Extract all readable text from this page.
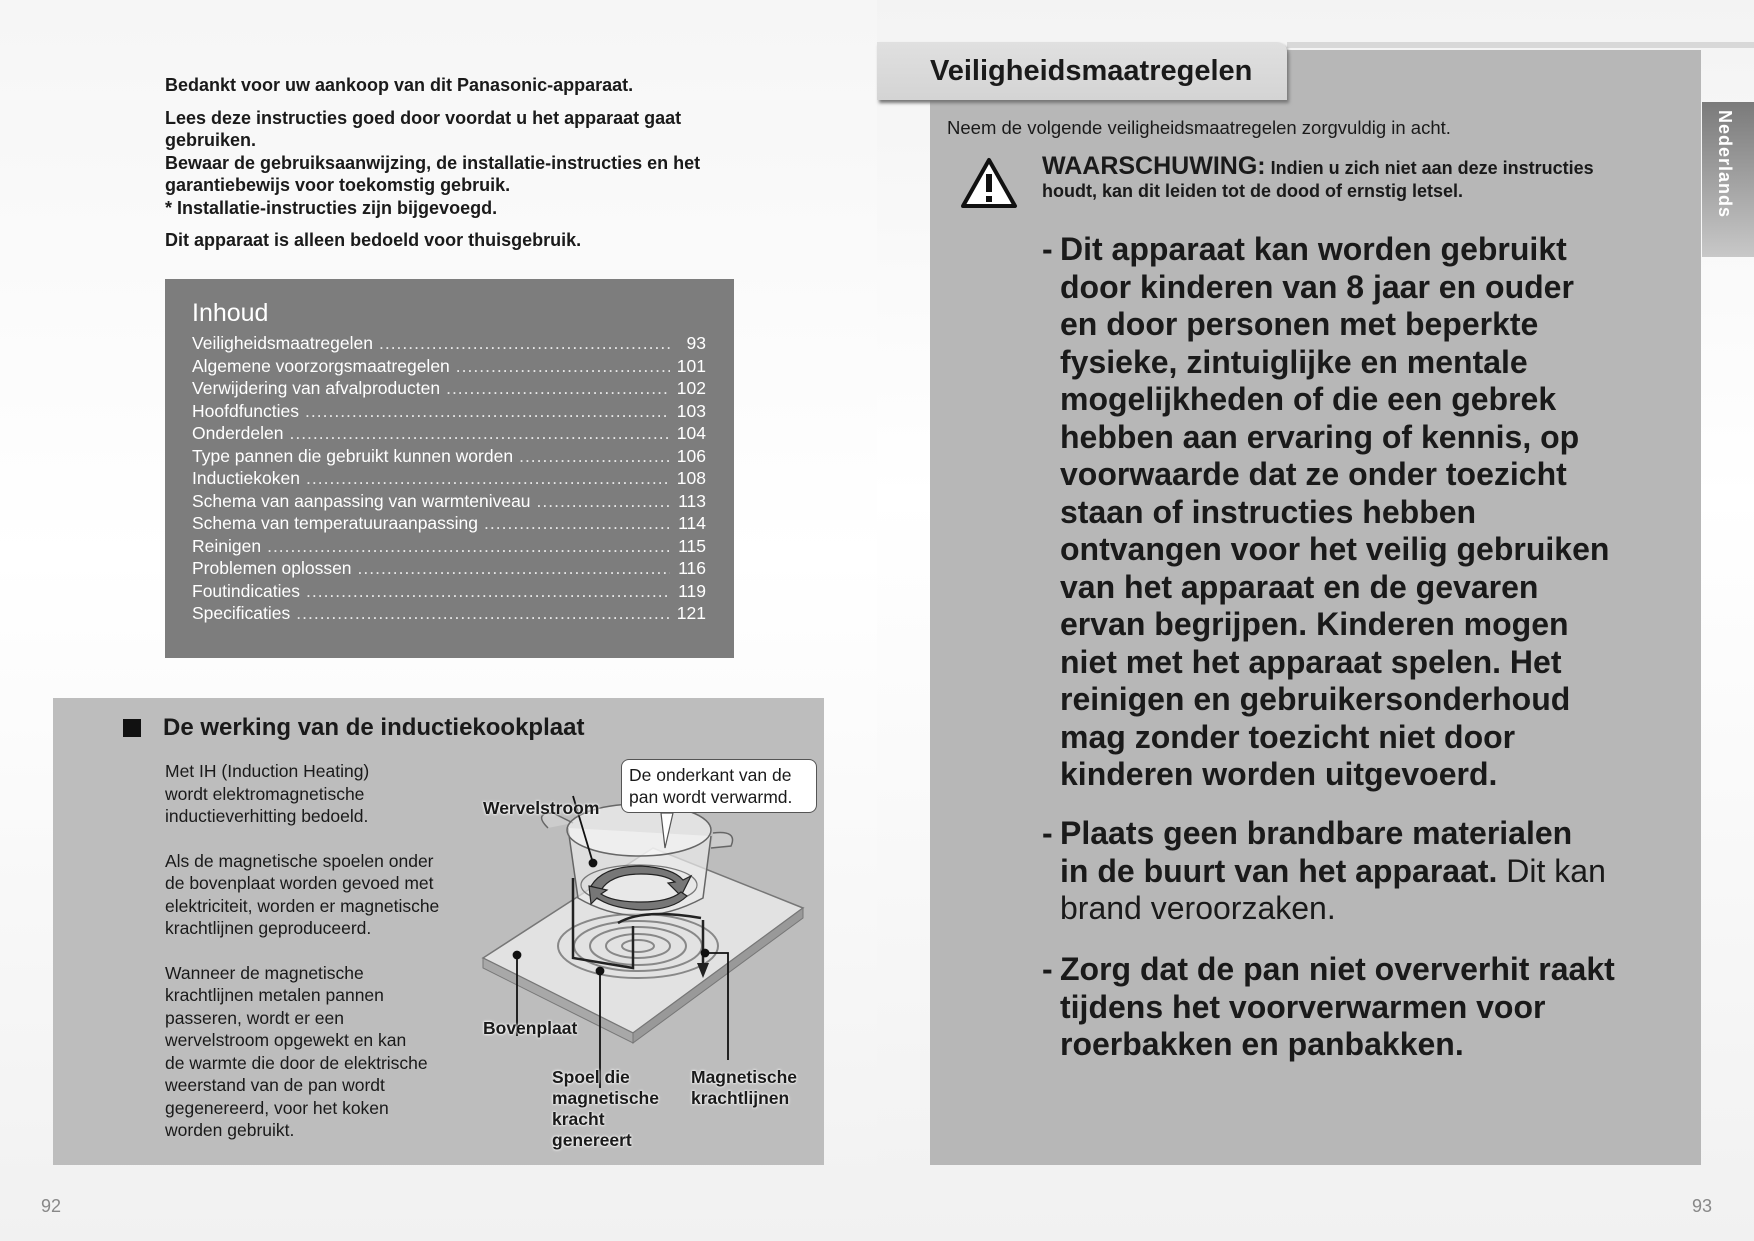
Bedankt voor uw aankoop van dit Panasonic-apparaat.

Lees deze instructies goed door voordat u het apparaat gaat
gebruiken.
Bewaar de gebruiksaanwijzing, de installatie-instructies en het
garantiebewijs voor toekomstig gebruik.
* Installatie-instructies zijn bijgevoegd.

Dit apparaat is alleen bedoeld voor thuisgebruik.

Inhoud
Veiligheidsmaatregelen .....	93
Algemene voorzorgsmaatregelen .....	101
Verwijdering van afvalproducten .....	102
Hoofdfuncties .....	103
Onderdelen .....	104
Type pannen die gebruikt kunnen worden .....	106
Inductiekoken .....	108
Schema van aanpassing van warmteniveau .....	113
Schema van temperatuuraanpassing .....	114
Reinigen .....	115
Problemen oplossen .....	116
Foutindicaties .....	119
Specificaties .....	121
De werking van de inductiekookplaat

Met IH (Induction Heating)
wordt elektromagnetische
inductieverhitting bedoeld.

Als de magnetische spoelen onder
de bovenplaat worden gevoed met
elektriciteit, worden er magnetische
krachtlijnen geproduceerd.

Wanneer de magnetische
krachtlijnen metalen pannen
passeren, wordt er een
wervelstroom opgewekt en kan
de warmte die door de elektrische
weerstand van de pan wordt
gegenereerd, voor het koken
worden gebruikt.

De onderkant van de
pan wordt verwarmd.
Wervelstroom
Bovenplaat
Spoel die
magnetische
kracht
genereert
Magnetische
krachtlijnen
92
Veiligheidsmaatregelen
Nederlands
Neem de volgende veiligheidsmaatregelen zorgvuldig in acht.
WAARSCHUWING: Indien u zich niet aan deze instructies
houdt, kan dit leiden tot de dood of ernstig letsel.
- Dit apparaat kan worden gebruikt
door kinderen van 8 jaar en ouder
en door personen met beperkte
fysieke, zintuiglijke en mentale
mogelijkheden of die een gebrek
hebben aan ervaring of kennis, op
voorwaarde dat ze onder toezicht
staan of instructies hebben
ontvangen voor het veilig gebruiken
van het apparaat en de gevaren
ervan begrijpen. Kinderen mogen
niet met het apparaat spelen. Het
reinigen en gebruikersonderhoud
mag zonder toezicht niet door
kinderen worden uitgevoerd.
- Plaats geen brandbare materialen
in de buurt van het apparaat. Dit kan
brand veroorzaken.
- Zorg dat de pan niet oververhit raakt
tijdens het voorverwarmen voor
roerbakken en panbakken.
93
